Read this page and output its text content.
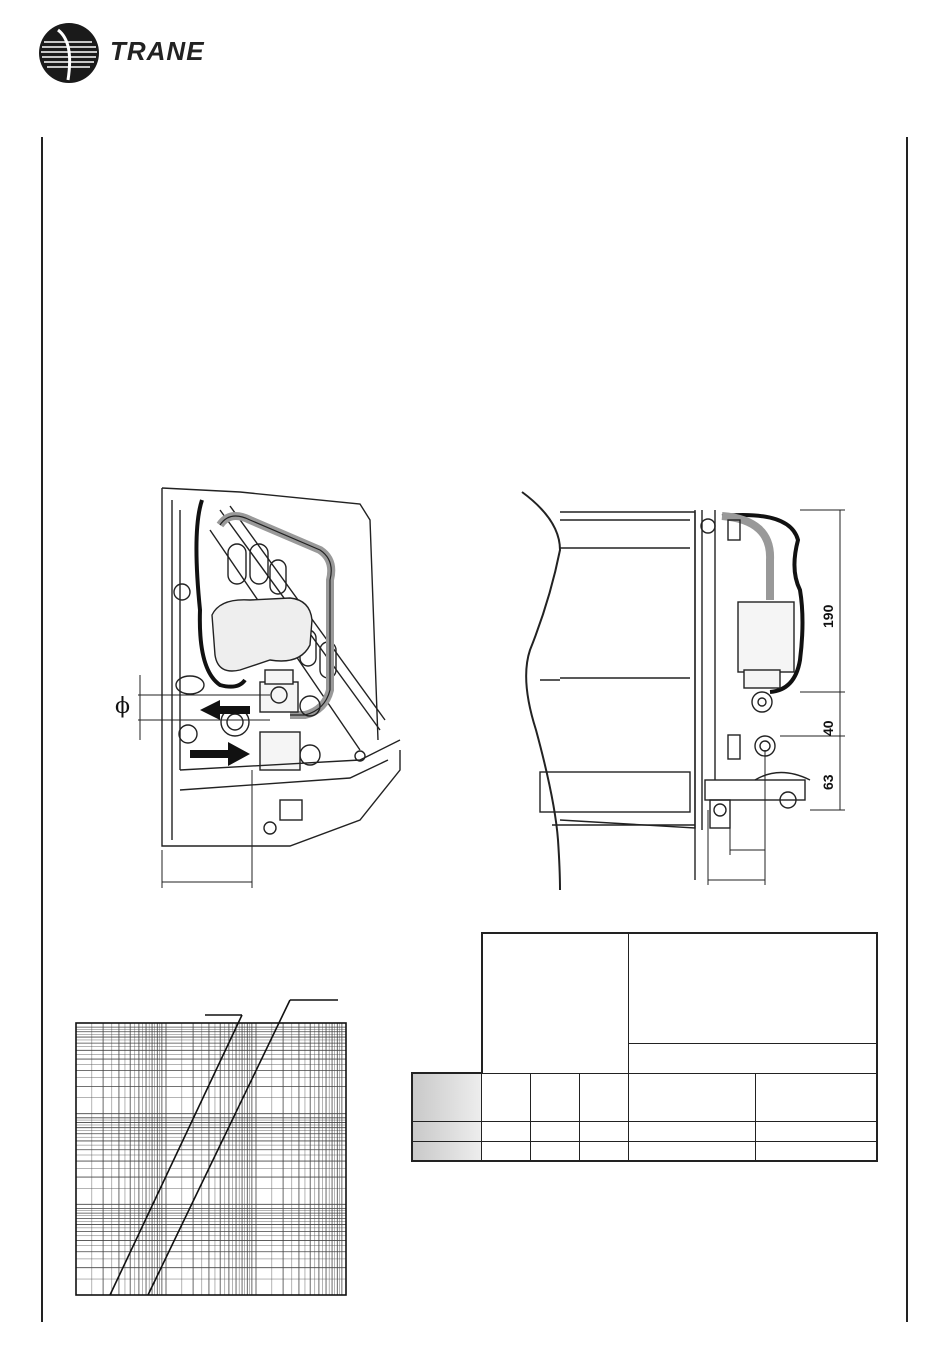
TRANE
ϕ
190
40
63
